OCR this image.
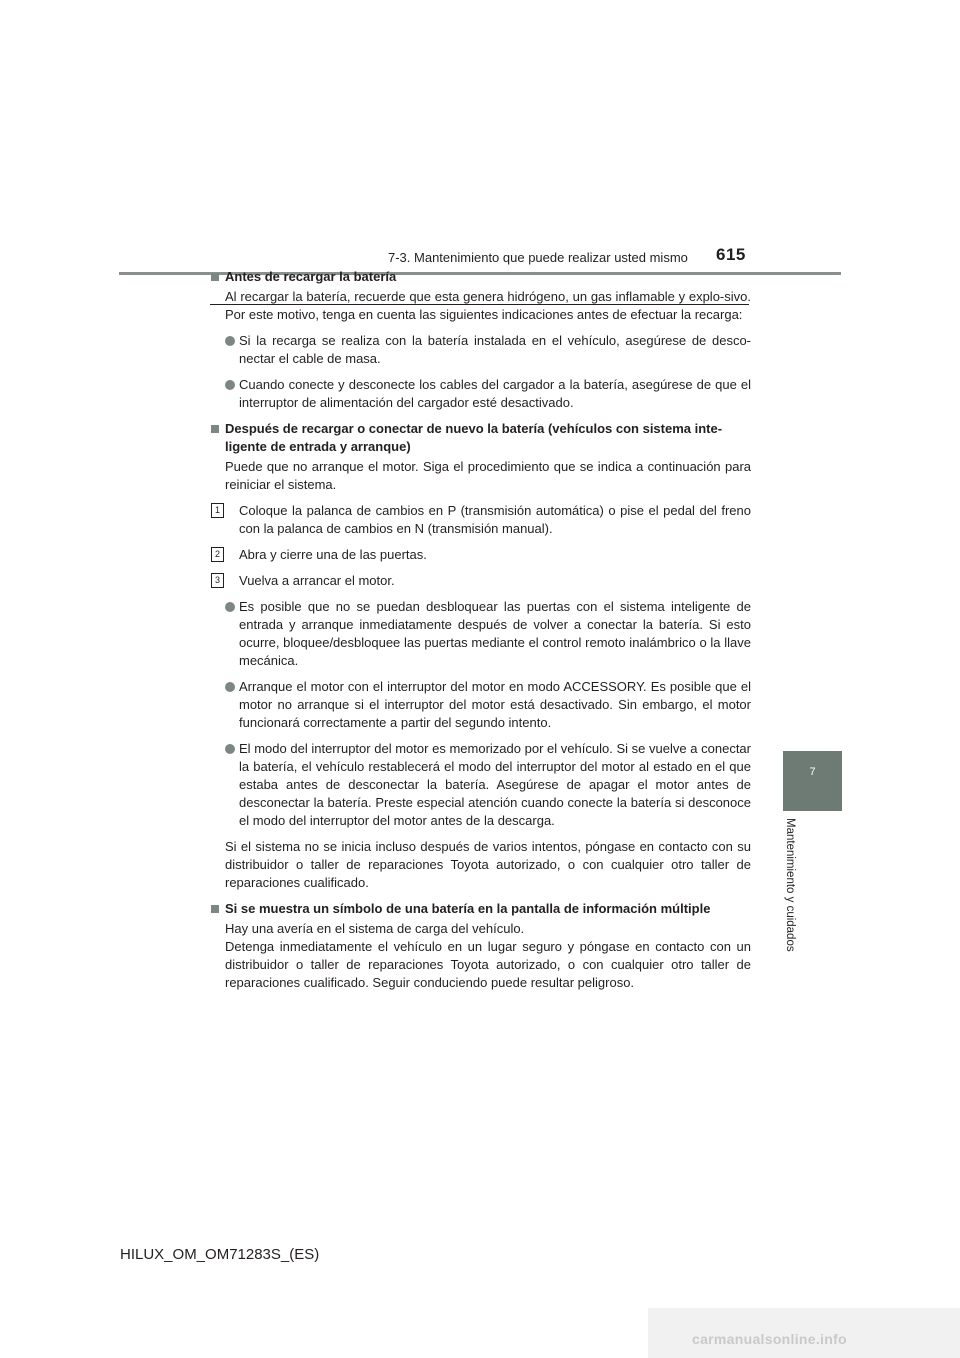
7-3. Mantenimiento que puede realizar usted mismo 615
7
Mantenimiento y cuidados
Antes de recargar la batería
Al recargar la batería, recuerde que esta genera hidrógeno, un gas inflamable y explo-sivo. Por este motivo, tenga en cuenta las siguientes indicaciones antes de efectuar la recarga:
Si la recarga se realiza con la batería instalada en el vehículo, asegúrese de desco-nectar el cable de masa.
Cuando conecte y desconecte los cables del cargador a la batería, asegúrese de que el interruptor de alimentación del cargador esté desactivado.
Después de recargar o conectar de nuevo la batería (vehículos con sistema inte-ligente de entrada y arranque)
Puede que no arranque el motor. Siga el procedimiento que se indica a continuación para reiniciar el sistema.
1	Coloque la palanca de cambios en P (transmisión automática) o pise el pedal del freno con la palanca de cambios en N (transmisión manual).
2	Abra y cierre una de las puertas.
3	Vuelva a arrancar el motor.
Es posible que no se puedan desbloquear las puertas con el sistema inteligente de entrada y arranque inmediatamente después de volver a conectar la batería. Si esto ocurre, bloquee/desbloquee las puertas mediante el control remoto inalámbrico o la llave mecánica.
Arranque el motor con el interruptor del motor en modo ACCESSORY. Es posible que el motor no arranque si el interruptor del motor está desactivado. Sin embargo, el motor funcionará correctamente a partir del segundo intento.
El modo del interruptor del motor es memorizado por el vehículo. Si se vuelve a conectar la batería, el vehículo restablecerá el modo del interruptor del motor al estado en el que estaba antes de desconectar la batería. Asegúrese de apagar el motor antes de desconectar la batería. Preste especial atención cuando conecte la batería si desconoce el modo del interruptor del motor antes de la descarga.
Si el sistema no se inicia incluso después de varios intentos, póngase en contacto con su distribuidor o taller de reparaciones Toyota autorizado, o con cualquier otro taller de reparaciones cualificado.
Si se muestra un símbolo de una batería en la pantalla de información múltiple
Hay una avería en el sistema de carga del vehículo.
Detenga inmediatamente el vehículo en un lugar seguro y póngase en contacto con un distribuidor o taller de reparaciones Toyota autorizado, o con cualquier otro taller de reparaciones cualificado. Seguir conduciendo puede resultar peligroso.
HILUX_OM_OM71283S_(ES)
carmanualsonline.info
